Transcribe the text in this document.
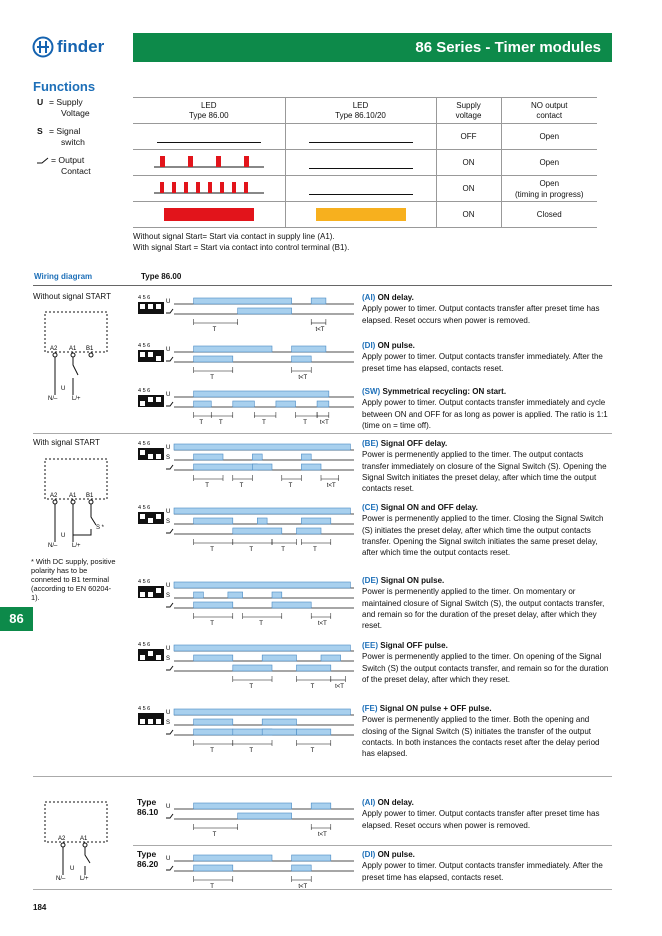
finder	86 Series - Timer modules
Functions
U = Supply
Voltage
S = Signal
switch
= Output
Contact
LED
Type 86.00	LED
Type 86.10/20	Supply
voltage	NO output
contact

	OFF	Open

	ON	Open

	ON	Open
(timing in progress)

	ON	Closed
Without signal Start= Start via contact in supply line (A1).
With signal Start = Start via contact into control terminal (B1).
Wiring diagram	Type 86.00
Without signal START
With signal START
A2 A1 B1
U
N/– L/+
A2 A1 B1
S *
U
N/– L/+
* With DC supply, positive polarity has to be conneted to B1 terminal (according to EN 60204-1).
A2 A1
U
N/– L/+
Type
86.10
Type
86.20
86
184
4 5 6
U
T	t<T
4 5 6
U
T	t<T
4 5 6
U
T	T	T	T t<T
4 5 6
U
S
T	T	T	t<T
4 5 6
U
S
T	T	T	T
4 5 6
U
S
T	T	t<T
4 5 6
U
S
T	T	t<T
4 5 6
U
S
T	T	T
U
T	t<T
U
T	t<T
(AI) ON delay.
Apply power to timer. Output contacts transfer after preset time has elapsed. Reset occurs when power is removed.
(DI) ON pulse.
Apply power to timer. Output contacts transfer immediately. After the preset time has elapsed, contacts reset.
(SW) Symmetrical recycling: ON start.
Apply power to timer. Output contacts transfer immediately and cycle between ON and OFF for as long as power is applied. The ratio is 1:1 (time on = time off).
(BE) Signal OFF delay.
Power is permenently applied to the timer. The output contacts transfer immediately on closure of the Signal Switch (S). Opening the Signal Switch initiates the preset delay, after which time the output contacts reset.
(CE) Signal ON and OFF delay.
Power is permenently applied to the timer. Closing the Signal Switch (S) initiates the preset delay, after which time the output contacts transfer. Opening the Signal switch initiates the same preset delay, after which time the output contacts reset.
(DE) Signal ON pulse.
Power is permenently applied to the timer. On momentary or maintained closure of Signal Switch (S), the output contacts transfer, and remain so for the duration of the preset delay, after which they reset.
(EE) Signal OFF pulse.
Power is permenently applied to the timer. On opening of the Signal Switch (S) the output contacts transfer, and remain so for the duration of the preset delay, after which they reset.
(FE) Signal ON pulse + OFF pulse.
Power is permenently applied to the timer. Both the opening and closing of the Signal Switch (S) initiates the transfer of the output contacts. In both instances the contacts reset after the delay period has elapsed.
(AI) ON delay.
Apply power to timer. Output contacts transfer after preset time has elapsed. Reset occurs when power is removed.
(DI) ON pulse.
Apply power to timer. Output contacts transfer immediately. After the preset time has elapsed, contacts reset.
